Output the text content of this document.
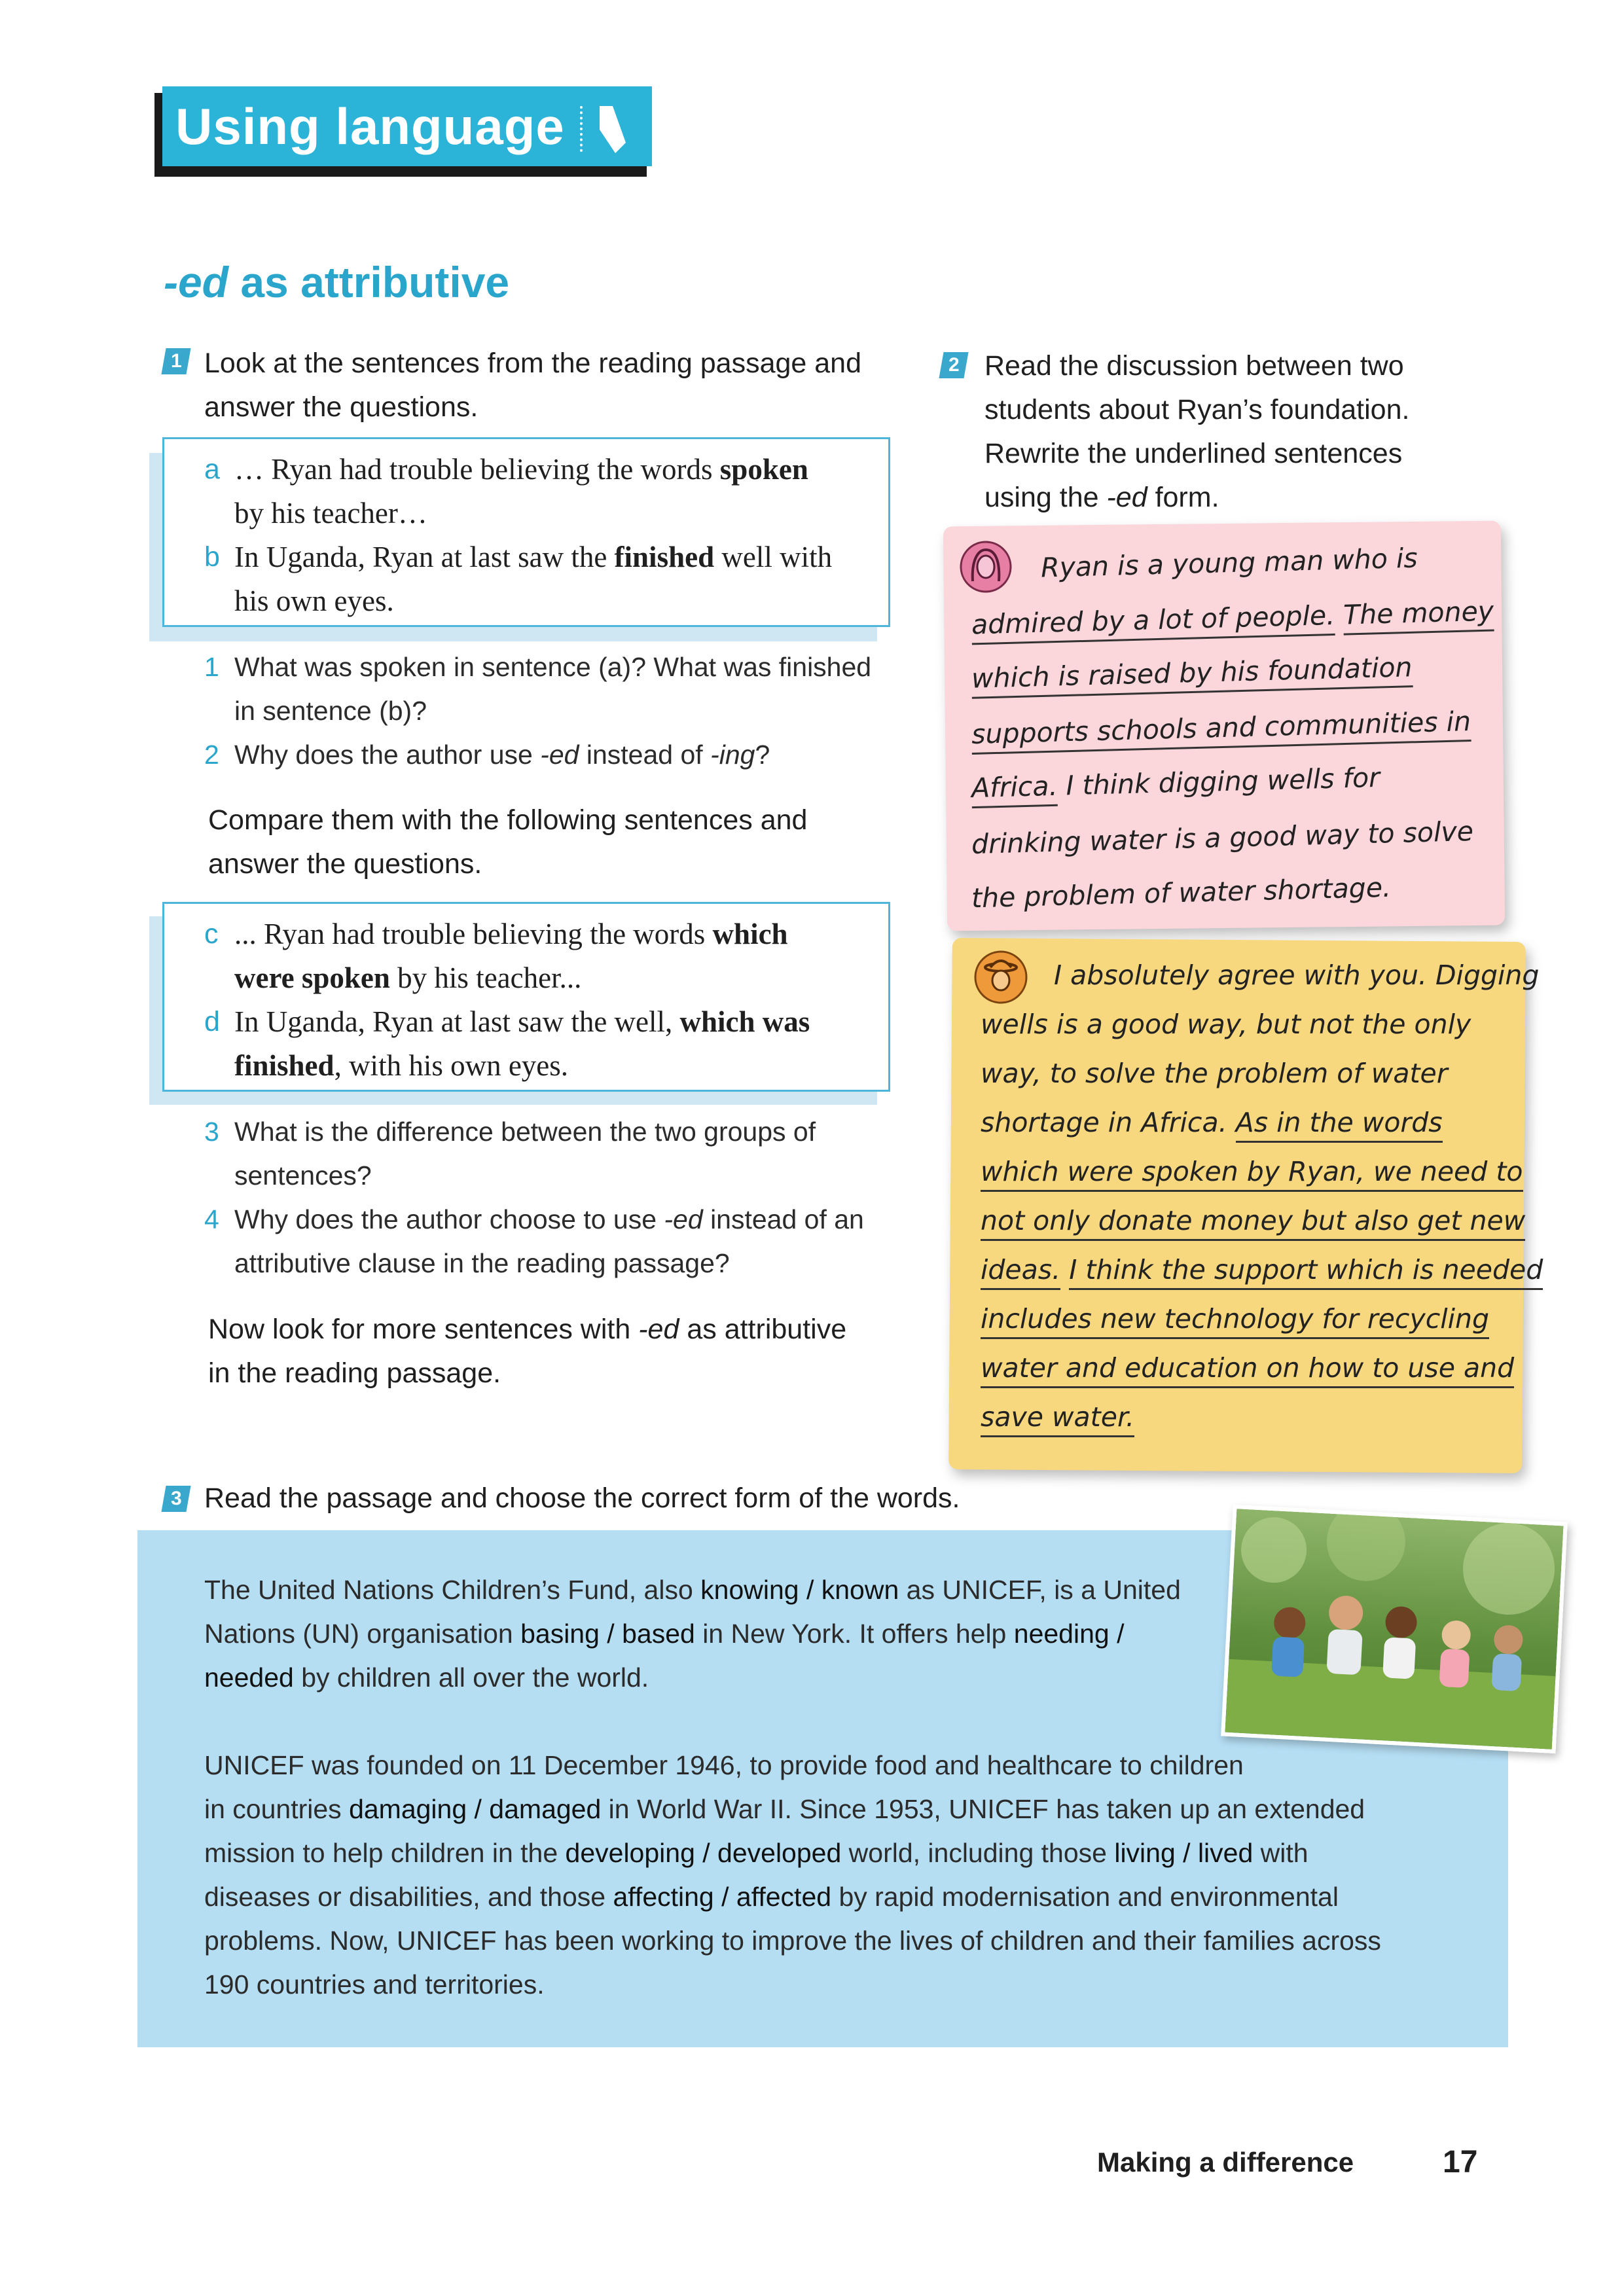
Using language
-ed as attributive
1 Look at the sentences from the reading passage and
answer the questions.
a … Ryan had trouble believing the words spoken
by his teacher…
b In Uganda, Ryan at last saw the finished well with
his own eyes.
1 What was spoken in sentence (a)? What was finished
in sentence (b)?
2 Why does the author use -ed instead of -ing?
Compare them with the following sentences and
answer the questions.
c ... Ryan had trouble believing the words which
were spoken by his teacher...
d In Uganda, Ryan at last saw the well, which was
finished, with his own eyes.
3 What is the difference between the two groups of
sentences?
4 Why does the author choose to use -ed instead of an
attributive clause in the reading passage?
Now look for more sentences with -ed as attributive
in the reading passage.
2 Read the discussion between two
students about Ryan’s foundation.
Rewrite the underlined sentences
using the -ed form.
Ryan is a young man who is
admired by a lot of people. The money
which is raised by his foundation
supports schools and communities in
Africa. I think digging wells for
drinking water is a good way to solve
the problem of water shortage.
I absolutely agree with you. Digging
wells is a good way, but not the only
way, to solve the problem of water
shortage in Africa. As in the words
which were spoken by Ryan, we need to
not only donate money but also get new
ideas. I think the support which is needed
includes new technology for recycling
water and education on how to use and
save water.
3 Read the passage and choose the correct form of the words.
The United Nations Children’s Fund, also knowing / known as UNICEF, is a United
Nations (UN) organisation basing / based in New York. It offers help needing /
needed by children all over the world.
UNICEF was founded on 11 December 1946, to provide food and healthcare to children
in countries damaging / damaged in World War II. Since 1953, UNICEF has taken up an extended
mission to help children in the developing / developed world, including those living / lived with
diseases or disabilities, and those affecting / affected by rapid modernisation and environmental
problems. Now, UNICEF has been working to improve the lives of children and their families across
190 countries and territories.
Making a difference	17
